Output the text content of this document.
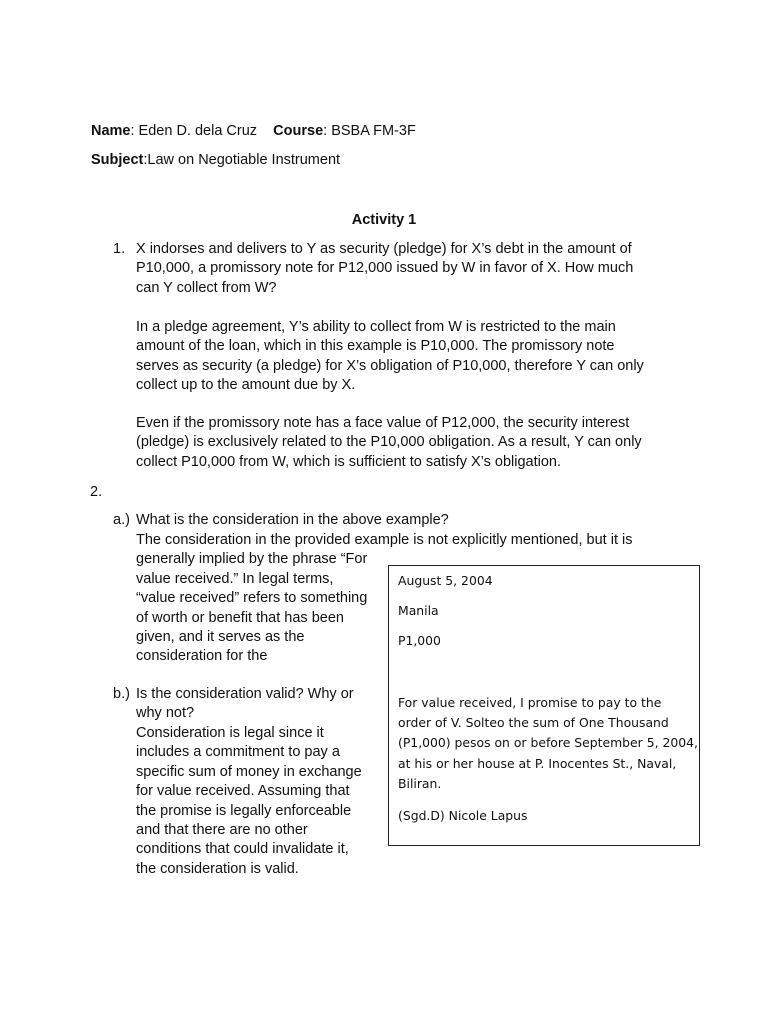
Name: Eden D. dela Cruz Course: BSBA FM-3F
Subject:Law on Negotiable Instrument
Activity 1
1. X indorses and delivers to Y as security (pledge) for X’s debt in the amount of
P10,000, a promissory note for P12,000 issued by W in favor of X. How much
can Y collect from W?
In a pledge agreement, Y’s ability to collect from W is restricted to the main
amount of the loan, which in this example is P10,000. The promissory note
serves as security (a pledge) for X’s obligation of P10,000, therefore Y can only
collect up to the amount due by X.
Even if the promissory note has a face value of P12,000, the security interest
(pledge) is exclusively related to the P10,000 obligation. As a result, Y can only
collect P10,000 from W, which is sufficient to satisfy X’s obligation.
2.
a.) What is the consideration in the above example?
The consideration in the provided example is not explicitly mentioned, but it is
generally implied by the phrase “For
value received.” In legal terms,
“value received” refers to something
of worth or benefit that has been
given, and it serves as the
consideration for the
b.) Is the consideration valid? Why or
why not?
Consideration is legal since it
includes a commitment to pay a
specific sum of money in exchange
for value received. Assuming that
the promise is legally enforceable
and that there are no other
conditions that could invalidate it,
the consideration is valid.
August 5, 2004
Manila
P1,000
For value received, I promise to pay to the
order of V. Solteo the sum of One Thousand
(P1,000) pesos on or before September 5, 2004,
at his or her house at P. Inocentes St., Naval,
Biliran.
(Sgd.D) Nicole Lapus
